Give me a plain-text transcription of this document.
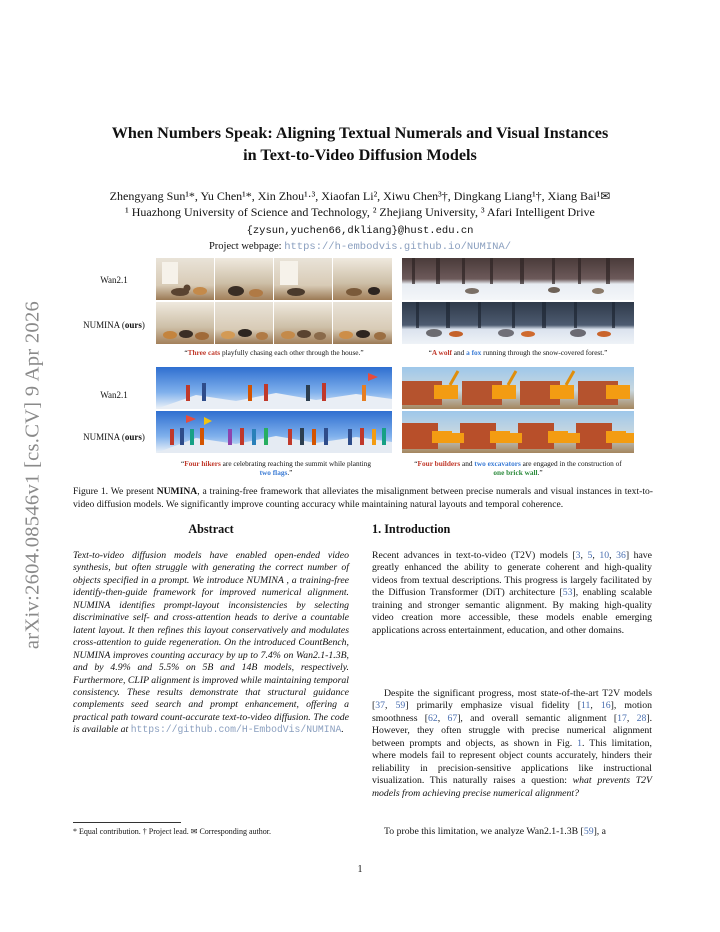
arXiv:2604.08546v1 [cs.CV] 9 Apr 2026
When Numbers Speak: Aligning Textual Numerals and Visual Instances
in Text-to-Video Diffusion Models
Zhengyang Sun¹*, Yu Chen¹*, Xin Zhou¹·³, Xiaofan Li², Xiwu Chen³†, Dingkang Liang¹†, Xiang Bai¹✉
¹ Huazhong University of Science and Technology, ² Zhejiang University, ³ Afari Intelligent Drive
{zysun,yuchen66,dkliang}@hust.edu.cn
Project webpage: https://h-embodvis.github.io/NUMINA/
Wan2.1
NUMINA (ours)
Wan2.1
NUMINA (ours)
“Three cats playfully chasing each other through the house.”	“A wolf and a fox running through the snow-covered forest.”
“Four hikers are celebrating reaching the summit while planting two flags.”
“Four builders and two excavators are engaged in the construction of one brick wall.”
Figure 1. We present NUMINA, a training-free framework that alleviates the misalignment between precise numerals and visual instances in text-to-video diffusion models. We significantly improve counting accuracy while maintaining natural layouts and temporal coherence.
Abstract
Text-to-video diffusion models have enabled open-ended video synthesis, but often struggle with generating the correct number of objects specified in a prompt. We introduce NUMINA , a training-free identify-then-guide framework for improved numerical alignment. NUMINA identifies prompt-layout inconsistencies by selecting discriminative self- and cross-attention heads to derive a countable latent layout. It then refines this layout conservatively and modulates cross-attention to guide regeneration. On the introduced CountBench, NUMINA improves counting accuracy by up to 7.4% on Wan2.1-1.3B, and by 4.9% and 5.5% on 5B and 14B models, respectively. Furthermore, CLIP alignment is improved while maintaining temporal consistency. These results demonstrate that structural guidance complements seed search and prompt enhancement, offering a practical path toward count-accurate text-to-video diffusion. The code is available at https://github.com/H-EmbodVis/NUMINA.
* Equal contribution. † Project lead. ✉ Corresponding author.
1. Introduction
Recent advances in text-to-video (T2V) models [3, 5, 10, 36] have greatly enhanced the ability to generate coherent and high-quality videos from textual descriptions. This progress is largely facilitated by the Diffusion Transformer (DiT) architecture [53], enabling scalable training and stronger semantic alignment. By making high-quality video creation more accessible, these models enable emerging applications across entertainment, education, and other domains.
Despite the significant progress, most state-of-the-art T2V models [37, 59] primarily emphasize visual fidelity [11, 16], motion smoothness [62, 67], and overall semantic alignment [17, 28]. However, they often struggle with precise numerical alignment between prompts and objects, as shown in Fig. 1. This limitation, where models fail to represent object counts accurately, hinders their reliability in precision-sensitive applications like instructional visualization. This naturally raises a question: what prevents T2V models from achieving precise numerical alignment?
To probe this limitation, we analyze Wan2.1-1.3B [59], a
1
